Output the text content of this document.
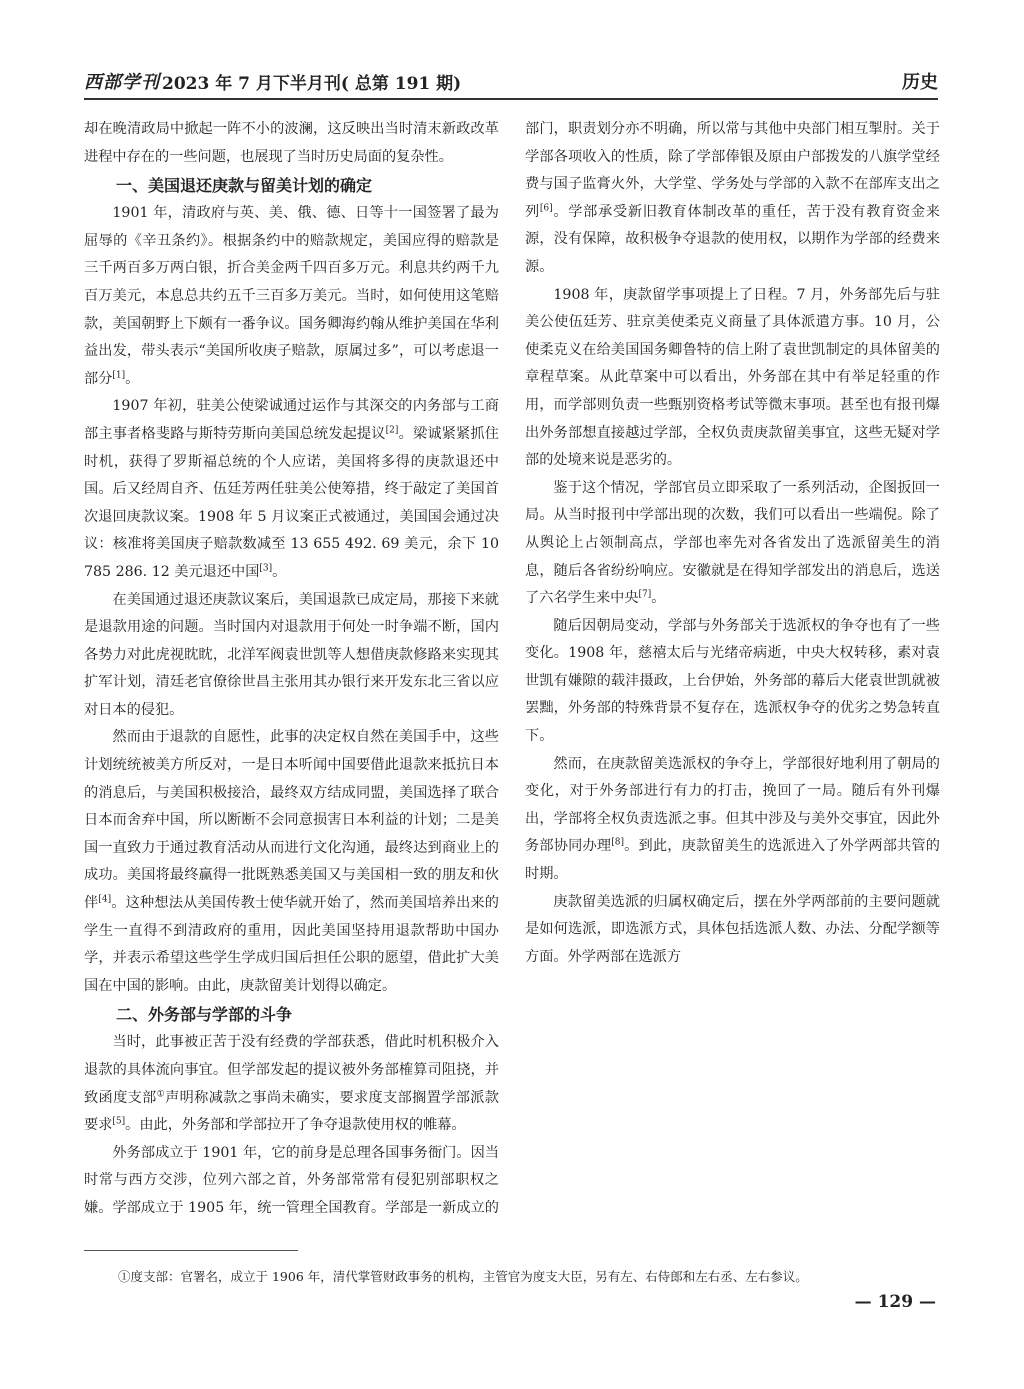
西部学刊 2023 年 7 月下半月刊( 总第 191 期)	历史

却在晚清政局中掀起一阵不小的波澜，这反映出当时清末新政改革进程中存在的一些问题，也展现了当时历史局面的复杂性。

一、美国退还庚款与留美计划的确定

1901 年，清政府与英、美、俄、德、日等十一国签署了最为屈辱的《辛丑条约》。根据条约中的赔款规定，美国应得的赔款是三千两百多万两白银，折合美金两千四百多万元。利息共约两千九百万美元，本息总共约五千三百多万美元。当时，如何使用这笔赔款，美国朝野上下颇有一番争议。国务卿海约翰从维护美国在华利益出发，带头表示“美国所收庚子赔款，原属过多”，可以考虑退一部分[1]。

1907 年初，驻美公使梁诚通过运作与其深交的内务部与工商部主事者格斐路与斯特劳斯向美国总统发起提议[2]。梁诚紧紧抓住时机，获得了罗斯福总统的个人应诺，美国将多得的庚款退还中国。后又经周自齐、伍廷芳两任驻美公使筹措，终于敲定了美国首次退回庚款议案。1908 年 5 月议案正式被通过，美国国会通过决议：核准将美国庚子赔款数减至 13 655 492. 69 美元，余下 10 785 286. 12 美元退还中国[3]。

在美国通过退还庚款议案后，美国退款已成定局，那接下来就是退款用途的问题。当时国内对退款用于何处一时争端不断，国内各势力对此虎视眈眈，北洋军阀袁世凯等人想借庚款修路来实现其扩军计划，清廷老官僚徐世昌主张用其办银行来开发东北三省以应对日本的侵犯。

然而由于退款的自愿性，此事的决定权自然在美国手中，这些计划统统被美方所反对，一是日本听闻中国要借此退款来抵抗日本的消息后，与美国积极接洽，最终双方结成同盟，美国选择了联合日本而舍弃中国，所以断断不会同意损害日本利益的计划；二是美国一直致力于通过教育活动从而进行文化沟通，最终达到商业上的成功。美国将最终赢得一批既熟悉美国又与美国相一致的朋友和伙伴[4]。这种想法从美国传教士使华就开始了，然而美国培养出来的学生一直得不到清政府的重用，因此美国坚持用退款帮助中国办学，并表示希望这些学生学成归国后担任公职的愿望，借此扩大美国在中国的影响。由此，庚款留美计划得以确定。

二、外务部与学部的斗争

当时，此事被正苦于没有经费的学部获悉，借此时机积极介入退款的具体流向事宜。但学部发起的提议被外务部榷算司阻挠，并致函度支部①声明称减款之事尚未确实，要求度支部搁置学部派款要求[5]。由此，外务部和学部拉开了争夺退款使用权的帷幕。

外务部成立于 1901 年，它的前身是总理各国事务衙门。因当时常与西方交涉，位列六部之首，外务部常常有侵犯别部职权之嫌。学部成立于 1905 年，统一管理全国教育。学部是一新成立的部门，职责划分亦不明确，所以常与其他中央部门相互掣肘。关于学部各项收入的性质，除了学部俸银及原由户部拨发的八旗学堂经费与国子监膏火外，大学堂、学务处与学部的入款不在部库支出之列[6]。学部承受新旧教育体制改革的重任，苦于没有教育资金来源，没有保障，故积极争夺退款的使用权，以期作为学部的经费来源。

1908 年，庚款留学事项提上了日程。7 月，外务部先后与驻美公使伍廷芳、驻京美使柔克义商量了具体派遣方事。10 月，公使柔克义在给美国国务卿鲁特的信上附了袁世凯制定的具体留美的章程草案。从此草案中可以看出，外务部在其中有举足轻重的作用，而学部则负责一些甄别资格考试等微末事项。甚至也有报刊爆出外务部想直接越过学部，全权负责庚款留美事宜，这些无疑对学部的处境来说是恶劣的。

鉴于这个情况，学部官员立即采取了一系列活动，企图扳回一局。从当时报刊中学部出现的次数，我们可以看出一些端倪。除了从舆论上占领制高点，学部也率先对各省发出了选派留美生的消息，随后各省纷纷响应。安徽就是在得知学部发出的消息后，选送了六名学生来中央[7]。

随后因朝局变动，学部与外务部关于选派权的争夺也有了一些变化。1908 年，慈禧太后与光绪帝病逝，中央大权转移，素对袁世凯有嫌隙的载沣摄政，上台伊始，外务部的幕后大佬袁世凯就被罢黜，外务部的特殊背景不复存在，选派权争夺的优劣之势急转直下。

然而，在庚款留美选派权的争夺上，学部很好地利用了朝局的变化，对于外务部进行有力的打击，挽回了一局。随后有外刊爆出，学部将全权负责选派之事。但其中涉及与美外交事宜，因此外务部协同办理[8]。到此，庚款留美生的选派进入了外学两部共管的时期。

庚款留美选派的归属权确定后，摆在外学两部前的主要问题就是如何选派，即选派方式，具体包括选派人数、办法、分配学额等方面。外学两部在选派方

①度支部：官署名，成立于 1906 年，清代掌管财政事务的机构，主管官为度支大臣，另有左、右侍郎和左右丞、左右参议。
— 129 —
